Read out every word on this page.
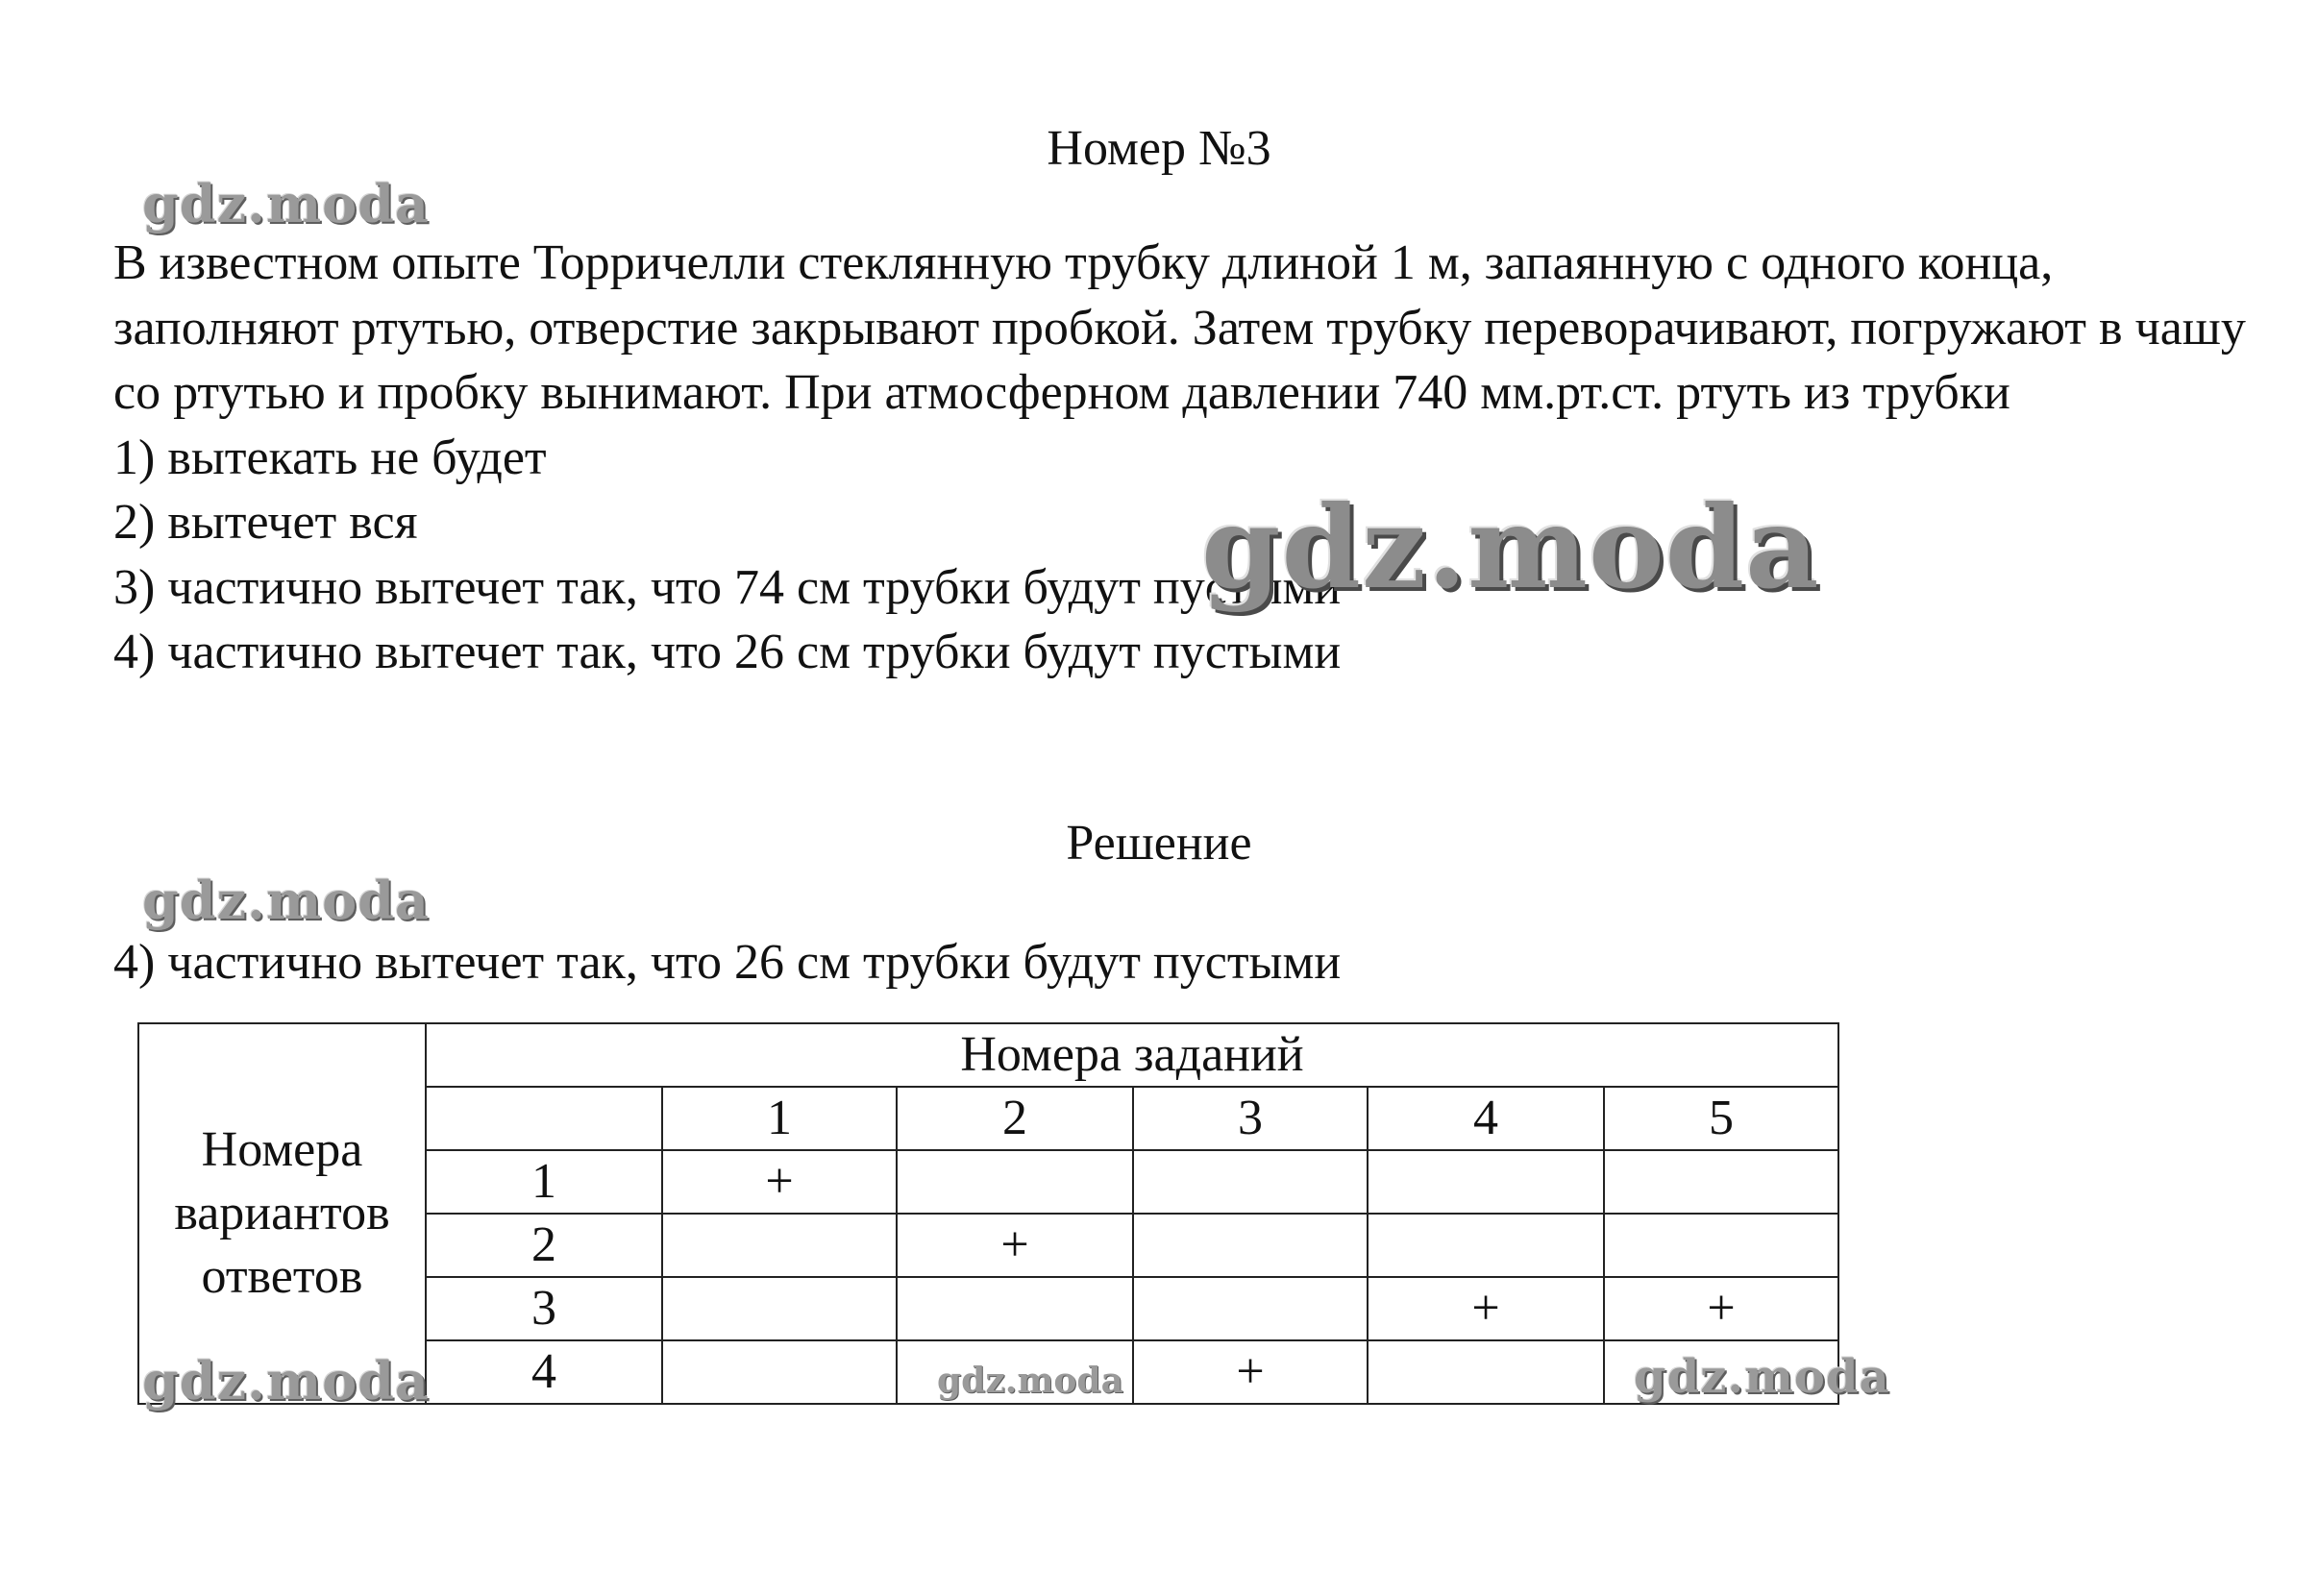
Номер №3

В известном опыте Торричелли стеклянную трубку длиной 1 м, запаянную с одного конца, заполняют ртутью, отверстие закрывают пробкой. Затем трубку переворачивают, погружают в чашу со ртутью и пробку вынимают. При атмосферном давлении 740 мм.рт.ст. ртуть из трубки

1) вытекать не будет
2) вытечет вся
3) частично вытечет так, что 74 см трубки будут пустыми
4) частично вытечет так, что 26 см трубки будут пустыми
Решение

4) частично вытечет так, что 26 см трубки будут пустыми

Номера
вариантов
ответов	Номера заданий					
		1	2	3	4	5
	1	+				
	2		+			
	3				+	+
	4			+		
gdz.moda
gdz.moda
gdz.moda
gdz.moda	gdz.moda	gdz.moda
